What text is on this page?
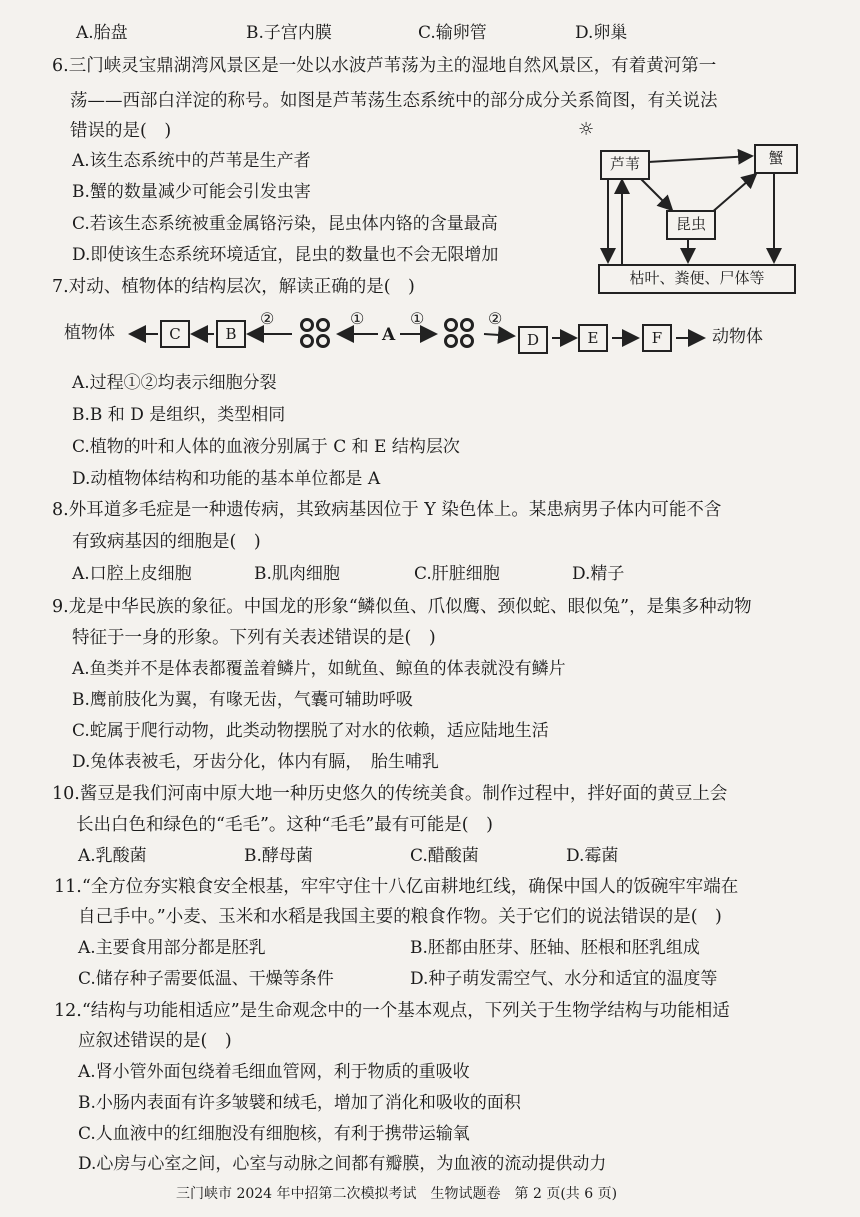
A.胎盘	B.子宫内膜	C.输卵管	D.卵巢
6.三门峡灵宝鼎湖湾风景区是一处以水波芦苇荡为主的湿地自然风景区，有着黄河第一
荡——西部白洋淀的称号。如图是芦苇荡生态系统中的部分成分关系简图，有关说法
错误的是(　)	☼
A.该生态系统中的芦苇是生产者
B.蟹的数量减少可能会引发虫害
C.若该生态系统被重金属铬污染，昆虫体内铬的含量最高
D.即使该生态系统环境适宜，昆虫的数量也不会无限增加
芦苇	蟹
昆虫
枯叶、粪便、尸体等
7.对动、植物体的结构层次，解读正确的是(　)
植物体	C	B
②	①
A
①	②
D	E	F	动物体
A.过程①②均表示细胞分裂
B.B 和 D 是组织，类型相同
C.植物的叶和人体的血液分别属于 C 和 E 结构层次
D.动植物体结构和功能的基本单位都是 A
8.外耳道多毛症是一种遗传病，其致病基因位于 Y 染色体上。某患病男子体内可能不含
有致病基因的细胞是(　)
A.口腔上皮细胞	B.肌肉细胞	C.肝脏细胞	D.精子
9.龙是中华民族的象征。中国龙的形象“鳞似鱼、爪似鹰、颈似蛇、眼似兔”，是集多种动物
特征于一身的形象。下列有关表述错误的是(　)
A.鱼类并不是体表都覆盖着鳞片，如鱿鱼、鲸鱼的体表就没有鳞片
B.鹰前肢化为翼，有喙无齿，气囊可辅助呼吸
C.蛇属于爬行动物，此类动物摆脱了对水的依赖，适应陆地生活
D.兔体表被毛，牙齿分化，体内有膈，　胎生哺乳
10.酱豆是我们河南中原大地一种历史悠久的传统美食。制作过程中，拌好面的黄豆上会
长出白色和绿色的“毛毛”。这种“毛毛”最有可能是(　)
A.乳酸菌	B.酵母菌	C.醋酸菌	D.霉菌
11.“全方位夯实粮食安全根基，牢牢守住十八亿亩耕地红线，确保中国人的饭碗牢牢端在
自己手中。”小麦、玉米和水稻是我国主要的粮食作物。关于它们的说法错误的是(　)
A.主要食用部分都是胚乳	B.胚都由胚芽、胚轴、胚根和胚乳组成
C.储存种子需要低温、干燥等条件	D.种子萌发需空气、水分和适宜的温度等
12.“结构与功能相适应”是生命观念中的一个基本观点，下列关于生物学结构与功能相适
应叙述错误的是(　)
A.肾小管外面包绕着毛细血管网，利于物质的重吸收
B.小肠内表面有许多皱襞和绒毛，增加了消化和吸收的面积
C.人血液中的红细胞没有细胞核，有利于携带运输氧
D.心房与心室之间，心室与动脉之间都有瓣膜，为血液的流动提供动力
三门峡市 2024 年中招第二次模拟考试　生物试题卷　第 2 页(共 6 页)
